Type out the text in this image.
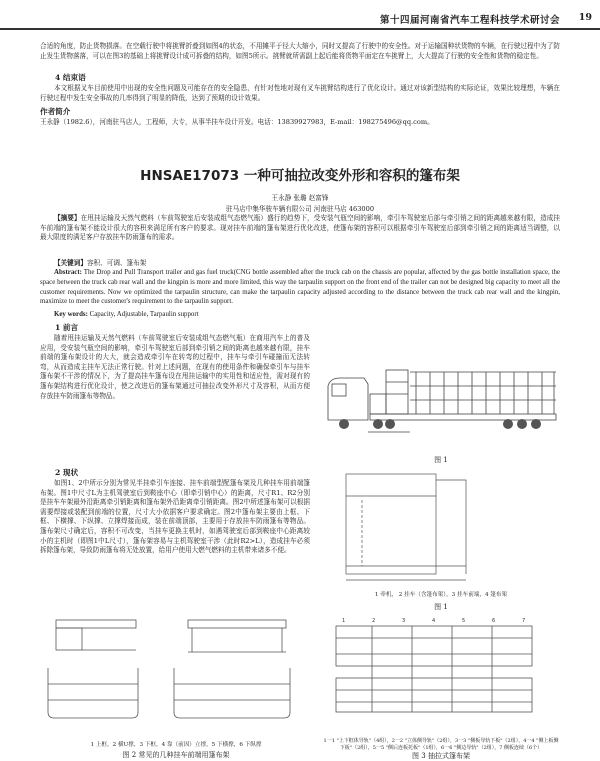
第十四届河南省汽车工程科技学术研讨会 19
合适的角度，防止货物损落。在空载行驶中将挑臂折叠到如图4的状态，不用摊平于径大大缩小，同时又提高了行驶中的安全性。对于运输国种状货物的车辆，在行驶过程中为了防止发生货物落落，可以在图3的基础上将挑臂设计成可拆叠的结构，如图5所示。挑臂就所需副上起后能将货物平面定在车挑臂上，大大提高了行驶的安全性和货物的稳定性。
4 结束语
本文根据叉车目前使用中出现的安全性问题及可能存在的安全隐患，有针对性地对现有叉车挑臂结构进行了优化设计。通过对该新型结构的实际论证，效果比较理想，车辆在行驶过程中发生安全事故的几率得到了明显的降低，达到了预期的设计效果。
作者简介
王永静（1982.6），河南驻马店人，工程师，大专，从事半挂车设计开发。电话：13839927983，E-mail：198275496@qq.com。
HNSAE17073 一种可抽拉改变外形和容积的篷布架
王永静 张璐 赵富锋
驻马店中集华骏车辆有限公司 河南驻马店 463000
【摘要】在甩挂运输及天然气燃料（车前驾驶室后安装成组气态燃气瓶）盛行的趋势下，受安装气瓶空间的影响，牵引车驾驶室后部与牵引销之间的距离越来越有限，造成挂车前端的篷布架不能设计很大的容积来满足所有客户的要求。现对挂车前端的篷布架进行优化改进，使篷布架的容积可以根据牵引车驾驶室后部到牵引销之间的距离适当调整，以最大限度的满足客户存放挂车防雨篷布的需求。
【关键词】容积、可调、篷布架
Abstract: The Drop and Pull Transport trailer and gas fuel truck(CNG bottle assembled after the truck cab on the chassis are popular, affected by the gas bottle installation space, the space between the truck cab rear wall and the kingpin is more and more limited, this way the tarpaulin support on the front end of the trailer can not be designed big capacity to meet all the customer requirements. Now we optimized the tarpaulin structure, can make the tarpaulin capacity adjusted according to the distance between the truck cab rear wall and the kingpin, maximize to meet the customer's requirement to the tarpaulin support.
Key words: Capacity, Adjustable, Tarpaulin support
1 前言
随着甩挂运输及天然气燃料（车前驾驶室后安装成组气态燃气瓶）在商用汽车上的普及应用，受安装气瓶空间的影响，牵引车驾驶室后部到牵引销之间的距离也越来越有限，挂车前端的篷布架设计的大大，就会造成牵引车在转弯的过程中，挂车与牵引车碰撞而无法转弯，从而造成主挂车无法正常行驶。针对上述问题，在现有的使用条件和确保牵引车与挂车篷布架不干涉的情况下，为了提高挂车篷布设在甩挂运输中的实用性和适应性，需对现有的篷布架结构进行优化设计，使之改进后的篷布架通过可抽拉改变外形尺寸及容积，从而方便存放挂车防雨篷布等物品。
2 现状
如图1、2中所示分别为常见半挂牵引车连接、挂车前端型配篷布架及几种挂车用前端篷布架。图1中尺寸L为主机驾驶室后到鞍座中心（即牵引销中心）的距离，尺寸R1、R2分别是挂车车架最外沿距离牵引销距离和篷布架外沿距离牵引销距离。图2中所述篷布架可以根据需要焊接或装配到前端的位置，尺寸大小依据客户要求确定。图2中篷布架主要由上框、下框、下横撑、下纵撑、立撑焊接而成，装在前端顶部，主要用于存放挂车防雨篷布等物品。篷布架尺寸确定后，容积不可改变，当挂车更换主机时，如遇驾驶室后部到鞍座中心距离较小的主机时（即图1中L尺寸），篷布架容易与主机驾驶室干涉（此时R2>L），造成挂车必须拆除篷布架，导致防雨篷布将无处放置，给用户使用大燃气燃料的主机带来诸多不便。
图 1
1 牵机， 2 挂车（含篷布架），3 挂车前端，4 篷布架
图 1
1 上框，2 横U撑，3 下框，4 靠（前因）立撑，5 下横撑，6 下纵撑
图 2 常见的几种挂车前端用篷布架
1	2	3	4	5	6	7
1一1 "上下框体导轨"（4组），2一2 "立体侧导轨"（2组），3一3 "侧板导轨下板"（2组），4一4 "侧上板侧下板"（2组），5一5 "侧后连板托板"（1组），6一6 "侧边导轨"（2组），7 侧板连续（6个）
图 3 抽拉式篷布架
